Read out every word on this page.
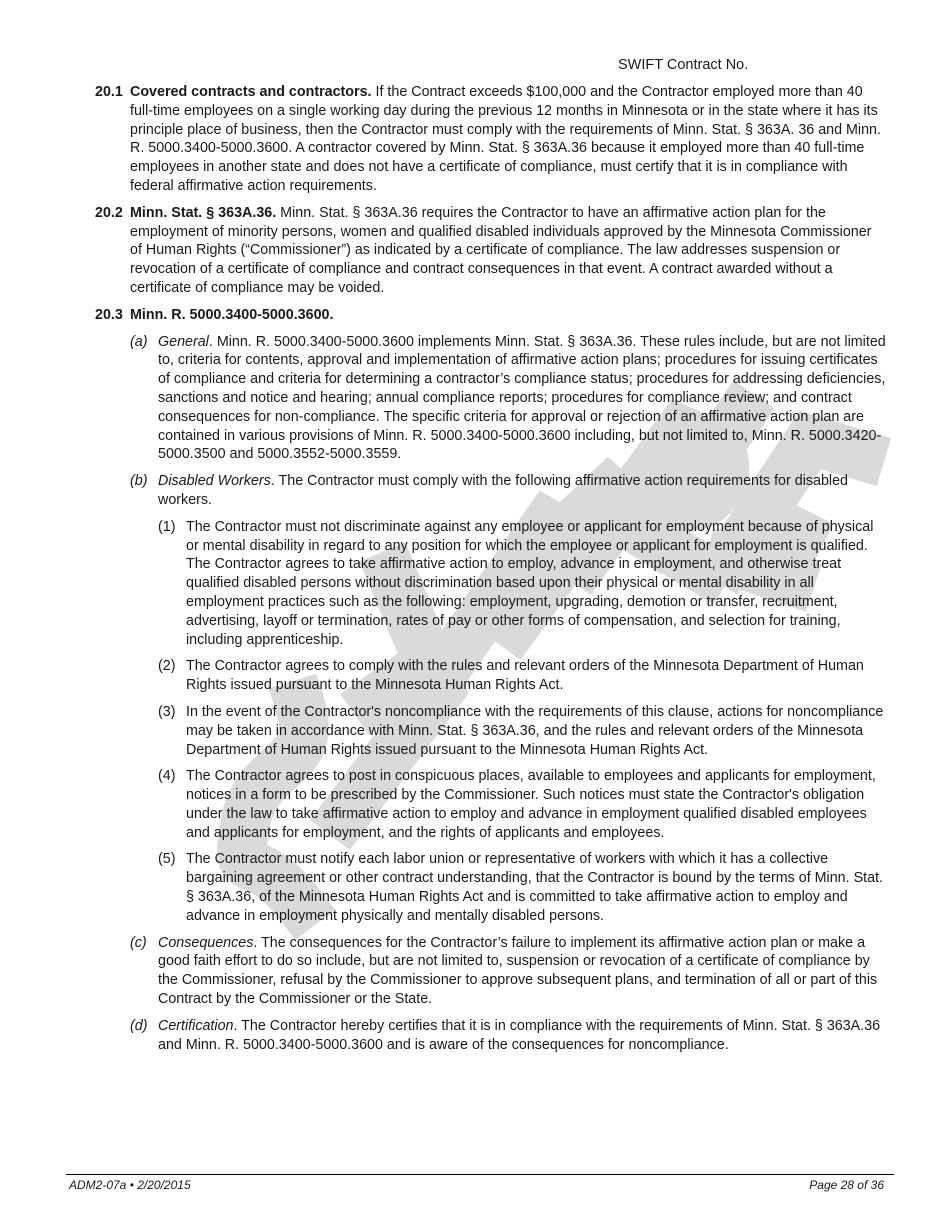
SWIFT Contract No.
20.1 Covered contracts and contractors. If the Contract exceeds $100,000 and the Contractor employed more than 40 full-time employees on a single working day during the previous 12 months in Minnesota or in the state where it has its principle place of business, then the Contractor must comply with the requirements of Minn. Stat. § 363A. 36 and Minn. R. 5000.3400-5000.3600. A contractor covered by Minn. Stat. § 363A.36 because it employed more than 40 full-time employees in another state and does not have a certificate of compliance, must certify that it is in compliance with federal affirmative action requirements.
20.2 Minn. Stat. § 363A.36. Minn. Stat. § 363A.36 requires the Contractor to have an affirmative action plan for the employment of minority persons, women and qualified disabled individuals approved by the Minnesota Commissioner of Human Rights (“Commissioner”) as indicated by a certificate of compliance. The law addresses suspension or revocation of a certificate of compliance and contract consequences in that event. A contract awarded without a certificate of compliance may be voided.
20.3 Minn. R. 5000.3400-5000.3600.
(a) General. Minn. R. 5000.3400-5000.3600 implements Minn. Stat. § 363A.36. These rules include, but are not limited to, criteria for contents, approval and implementation of affirmative action plans; procedures for issuing certificates of compliance and criteria for determining a contractor’s compliance status; procedures for addressing deficiencies, sanctions and notice and hearing; annual compliance reports; procedures for compliance review; and contract consequences for non-compliance. The specific criteria for approval or rejection of an affirmative action plan are contained in various provisions of Minn. R. 5000.3400-5000.3600 including, but not limited to, Minn. R. 5000.3420-5000.3500 and 5000.3552-5000.3559.
(b) Disabled Workers. The Contractor must comply with the following affirmative action requirements for disabled workers.
(1) The Contractor must not discriminate against any employee or applicant for employment because of physical or mental disability in regard to any position for which the employee or applicant for employment is qualified. The Contractor agrees to take affirmative action to employ, advance in employment, and otherwise treat qualified disabled persons without discrimination based upon their physical or mental disability in all employment practices such as the following: employment, upgrading, demotion or transfer, recruitment, advertising, layoff or termination, rates of pay or other forms of compensation, and selection for training, including apprenticeship.
(2) The Contractor agrees to comply with the rules and relevant orders of the Minnesota Department of Human Rights issued pursuant to the Minnesota Human Rights Act.
(3) In the event of the Contractor's noncompliance with the requirements of this clause, actions for noncompliance may be taken in accordance with Minn. Stat. § 363A.36, and the rules and relevant orders of the Minnesota Department of Human Rights issued pursuant to the Minnesota Human Rights Act.
(4) The Contractor agrees to post in conspicuous places, available to employees and applicants for employment, notices in a form to be prescribed by the Commissioner. Such notices must state the Contractor's obligation under the law to take affirmative action to employ and advance in employment qualified disabled employees and applicants for employment, and the rights of applicants and employees.
(5) The Contractor must notify each labor union or representative of workers with which it has a collective bargaining agreement or other contract understanding, that the Contractor is bound by the terms of Minn. Stat. § 363A.36, of the Minnesota Human Rights Act and is committed to take affirmative action to employ and advance in employment physically and mentally disabled persons.
(c) Consequences. The consequences for the Contractor’s failure to implement its affirmative action plan or make a good faith effort to do so include, but are not limited to, suspension or revocation of a certificate of compliance by the Commissioner, refusal by the Commissioner to approve subsequent plans, and termination of all or part of this Contract by the Commissioner or the State.
(d) Certification. The Contractor hereby certifies that it is in compliance with the requirements of Minn. Stat. § 363A.36 and Minn. R. 5000.3400-5000.3600 and is aware of the consequences for noncompliance.
ADM2-07a • 2/20/2015	Page 28 of 36
